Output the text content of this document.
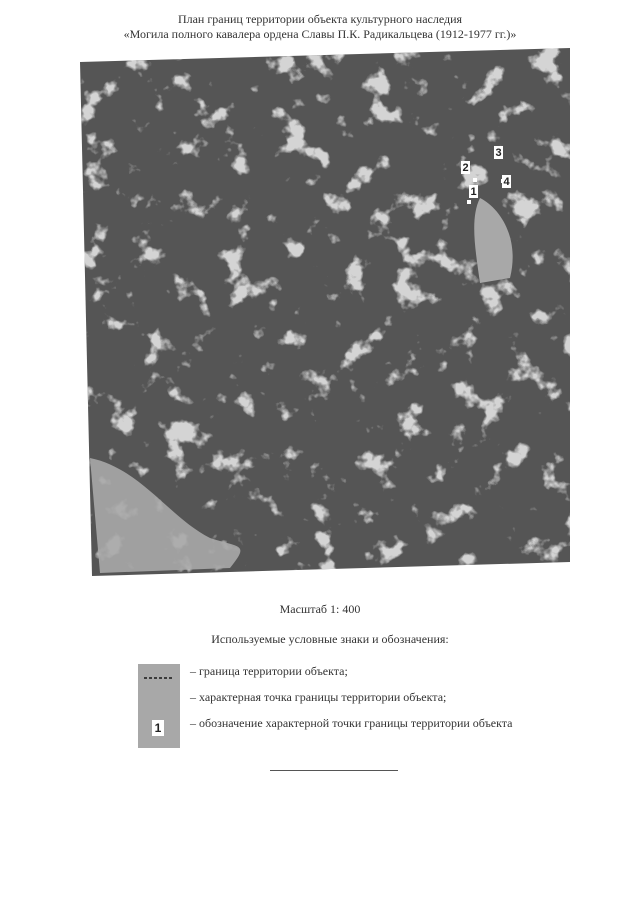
План границ территории объекта культурного наследия
«Могила полного кавалера ордена Славы П.К. Радикальцева (1912-1977 гг.)»
1
2
3
4
Масштаб 1: 400
Используемые условные знаки и обозначения:
1
– граница территории объекта;
– характерная точка границы территории объекта;
– обозначение характерной точки границы территории объекта
